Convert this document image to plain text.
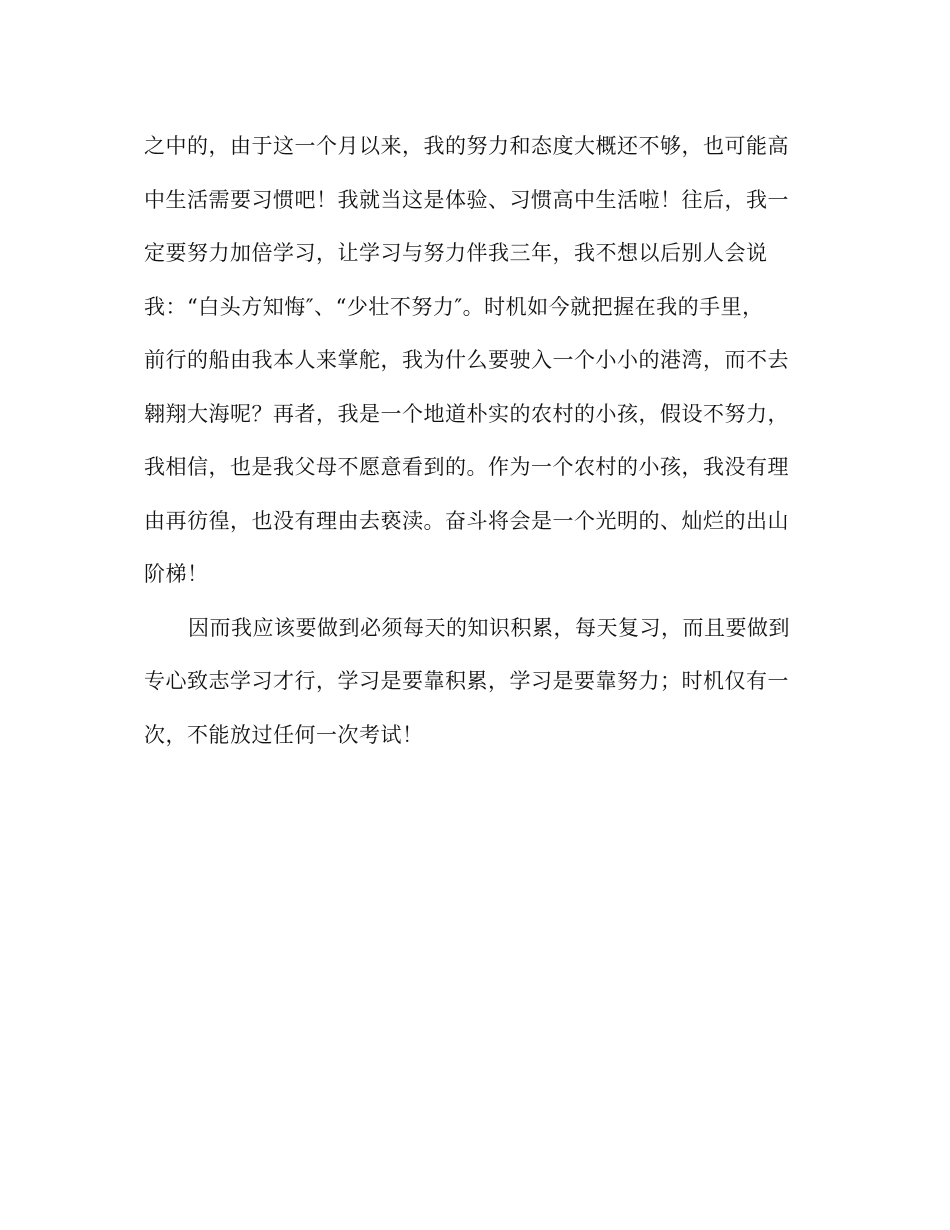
之中的，由于这一个月以来，我的努力和态度大概还不够，也可能高
中生活需要习惯吧！我就当这是体验、习惯高中生活啦！往后，我一
定要努力加倍学习，让学习与努力伴我三年，我不想以后别人会说
我：“白头方知悔″、“少壮不努力″。时机如今就把握在我的手里，
前行的船由我本人来掌舵，我为什么要驶入一个小小的港湾，而不去
翱翔大海呢？再者，我是一个地道朴实的农村的小孩，假设不努力，
我相信，也是我父母不愿意看到的。作为一个农村的小孩，我没有理
由再彷徨，也没有理由去亵渎。奋斗将会是一个光明的、灿烂的出山
阶梯！
因而我应该要做到必须每天的知识积累，每天复习，而且要做到
专心致志学习才行，学习是要靠积累，学习是要靠努力；时机仅有一
次，不能放过任何一次考试！
